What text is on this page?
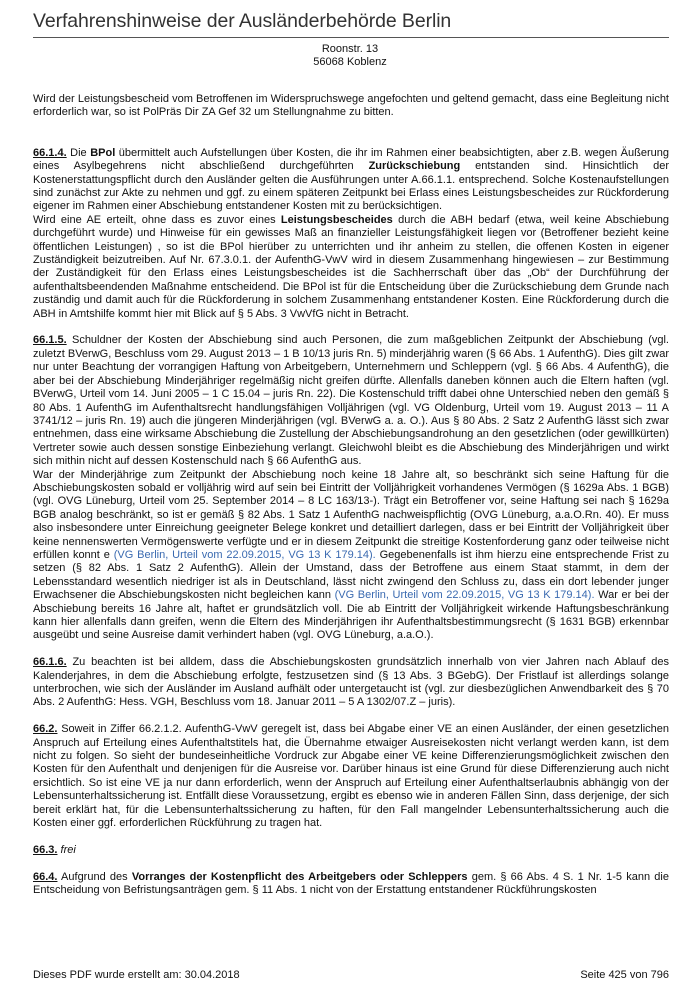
Verfahrenshinweise der Ausländerbehörde Berlin
Roonstr. 13
56068 Koblenz

Wird der Leistungsbescheid vom Betroffenen im Widerspruchswege angefochten und geltend gemacht, dass eine Begleitung nicht erforderlich war, so ist PolPräs Dir ZA Gef 32 um Stellungnahme zu bitten.

66.1.4. Die BPol übermittelt auch Aufstellungen über Kosten, die ihr im Rahmen einer beabsichtigten, aber z.B. wegen Äußerung eines Asylbegehrens nicht abschließend durchgeführten Zurückschiebung entstanden sind. Hinsichtlich der Kostenerstattungspflicht durch den Ausländer gelten die Ausführungen unter A.66.1.1. entsprechend. Solche Kostenaufstellungen sind zunächst zur Akte zu nehmen und ggf. zu einem späteren Zeitpunkt bei Erlass eines Leistungsbescheides zur Rückforderung eigener im Rahmen einer Abschiebung entstandener Kosten mit zu berücksichtigen.

Wird eine AE erteilt, ohne dass es zuvor eines Leistungsbescheides durch die ABH bedarf (etwa, weil keine Abschiebung durchgeführt wurde) und Hinweise für ein gewisses Maß an finanzieller Leistungsfähigkeit liegen vor (Betroffener bezieht keine öffentlichen Leistungen) , so ist die BPol hierüber zu unterrichten und ihr anheim zu stellen, die offenen Kosten in eigener Zuständigkeit beizutreiben. Auf Nr. 67.3.0.1. der AufenthG-VwV wird in diesem Zusammenhang hingewiesen – zur Bestimmung der Zuständigkeit für den Erlass eines Leistungsbescheides ist die Sachherrschaft über das „Ob“ der Durchführung der aufenthaltsbeendenden Maßnahme entscheidend. Die BPol ist für die Entscheidung über die Zurückschiebung dem Grunde nach zuständig und damit auch für die Rückforderung in solchem Zusammenhang entstandener Kosten. Eine Rückforderung durch die ABH in Amtshilfe kommt hier mit Blick auf § 5 Abs. 3 VwVfG nicht in Betracht.

66.1.5. Schuldner der Kosten der Abschiebung sind auch Personen, die zum maßgeblichen Zeitpunkt der Abschiebung (vgl. zuletzt BVerwG, Beschluss vom 29. August 2013 – 1 B 10/13 juris Rn. 5) minderjährig waren (§ 66 Abs. 1 AufenthG). Dies gilt zwar nur unter Beachtung der vorrangigen Haftung von Arbeitgebern, Unternehmern und Schleppern (vgl. § 66 Abs. 4 AufenthG), die aber bei der Abschiebung Minderjähriger regelmäßig nicht greifen dürfte. Allenfalls daneben können auch die Eltern haften (vgl. BVerwG, Urteil vom 14. Juni 2005 – 1 C 15.04 – juris Rn. 22). Die Kostenschuld trifft dabei ohne Unterschied neben den gemäß § 80 Abs. 1 AufenthG im Aufenthaltsrecht handlungsfähigen Volljährigen (vgl. VG Oldenburg, Urteil vom 19. August 2013 – 11 A 3741/12 – juris Rn. 19) auch die jüngeren Minderjährigen (vgl. BVerwG a. a. O.). Aus § 80 Abs. 2 Satz 2 AufenthG lässt sich zwar entnehmen, dass eine wirksame Abschiebung die Zustellung der Abschiebungsandrohung an den gesetzlichen (oder gewillkürten) Vertreter sowie auch dessen sonstige Einbeziehung verlangt. Gleichwohl bleibt es die Abschiebung des Minderjährigen und wirkt sich mithin nicht auf dessen Kostenschuld nach § 66 AufenthG aus.

War der Minderjährige zum Zeitpunkt der Abschiebung noch keine 18 Jahre alt, so beschränkt sich seine Haftung für die Abschiebungskosten sobald er volljährig wird auf sein bei Eintritt der Volljährigkeit vorhandenes Vermögen (§ 1629a Abs. 1 BGB) (vgl. OVG Lüneburg, Urteil vom 25. September 2014 – 8 LC 163/13-). Trägt ein Betroffener vor, seine Haftung sei nach § 1629a BGB analog beschränkt, so ist er gemäß § 82 Abs. 1 Satz 1 AufenthG nachweispflichtig (OVG Lüneburg, a.a.O.Rn. 40). Er muss also insbesondere unter Einreichung geeigneter Belege konkret und detailliert darlegen, dass er bei Eintritt der Volljährigkeit über keine nennenswerten Vermögenswerte verfügte und er in diesem Zeitpunkt die streitige Kostenforderung ganz oder teilweise nicht erfüllen konnt e (VG Berlin, Urteil vom 22.09.2015, VG 13 K 179.14). Gegebenenfalls ist ihm hierzu eine entsprechende Frist zu setzen (§ 82 Abs. 1 Satz 2 AufenthG). Allein der Umstand, dass der Betroffene aus einem Staat stammt, in dem der Lebensstandard wesentlich niedriger ist als in Deutschland, lässt nicht zwingend den Schluss zu, dass ein dort lebender junger Erwachsener die Abschiebungskosten nicht begleichen kann (VG Berlin, Urteil vom 22.09.2015, VG 13 K 179.14). War er bei der Abschiebung bereits 16 Jahre alt, haftet er grundsätzlich voll. Die ab Eintritt der Volljährigkeit wirkende Haftungsbeschränkung kann hier allenfalls dann greifen, wenn die Eltern des Minderjährigen ihr Aufenthaltsbestimmungsrecht (§ 1631 BGB) erkennbar ausgeübt und seine Ausreise damit verhindert haben (vgl. OVG Lüneburg, a.a.O.).

66.1.6. Zu beachten ist bei alldem, dass die Abschiebungskosten grundsätzlich innerhalb von vier Jahren nach Ablauf des Kalenderjahres, in dem die Abschiebung erfolgte, festzusetzen sind (§ 13 Abs. 3 BGebG). Der Fristlauf ist allerdings solange unterbrochen, wie sich der Ausländer im Ausland aufhält oder untergetaucht ist (vgl. zur diesbezüglichen Anwendbarkeit des § 70 Abs. 2 AufenthG: Hess. VGH, Beschluss vom 18. Januar 2011 – 5 A 1302/07.Z – juris).

66.2. Soweit in Ziffer 66.2.1.2. AufenthG-VwV geregelt ist, dass bei Abgabe einer VE an einen Ausländer, der einen gesetzlichen Anspruch auf Erteilung eines Aufenthaltstitels hat, die Übernahme etwaiger Ausreisekosten nicht verlangt werden kann, ist dem nicht zu folgen. So sieht der bundeseinheitliche Vordruck zur Abgabe einer VE keine Differenzierungsmöglichkeit zwischen den Kosten für den Aufenthalt und denjenigen für die Ausreise vor. Darüber hinaus ist eine Grund für diese Differenzierung auch nicht ersichtlich. So ist eine VE ja nur dann erforderlich, wenn der Anspruch auf Erteilung einer Aufenthaltserlaubnis abhängig von der Lebensunterhaltssicherung ist. Entfällt diese Voraussetzung, ergibt es ebenso wie in anderen Fällen Sinn, dass derjenige, der sich bereit erklärt hat, für die Lebensunterhaltssicherung zu haften, für den Fall mangelnder Lebensunterhaltssicherung auch die Kosten einer ggf. erforderlichen Rückführung zu tragen hat.

66.3. frei

66.4. Aufgrund des Vorranges der Kostenpflicht des Arbeitgebers oder Schleppers gem. § 66 Abs. 4 S. 1 Nr. 1-5 kann die Entscheidung von Befristungsanträgen gem. § 11 Abs. 1 nicht von der Erstattung entstandener Rückführungskosten

Dieses PDF wurde erstellt am: 30.04.2018	Seite 425 von 796
